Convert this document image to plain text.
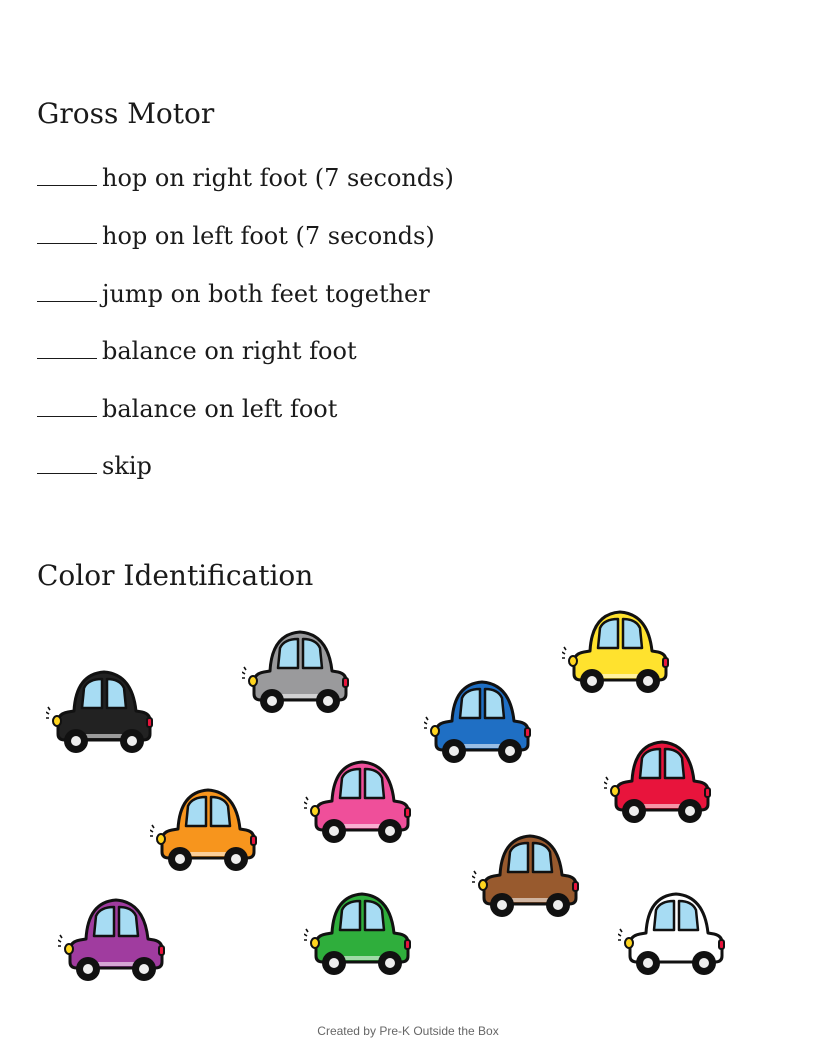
Gross Motor
hop on right foot (7 seconds)
hop on left foot (7 seconds)
jump on both feet together
balance on right foot
balance on left foot
skip
Color Identification
Created by Pre-K Outside the Box
